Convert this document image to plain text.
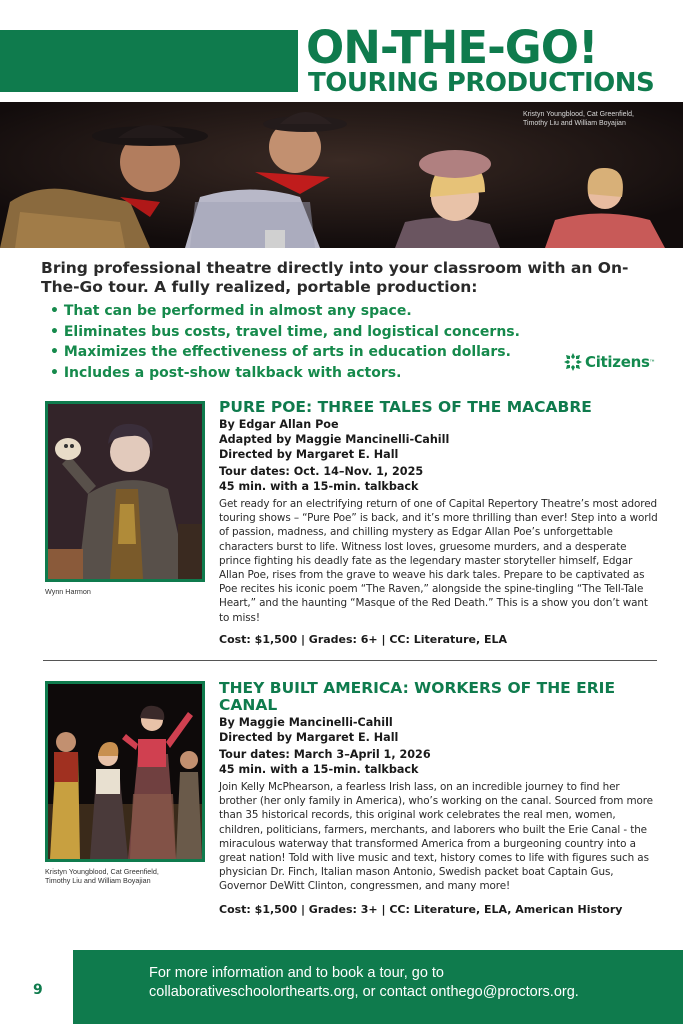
ON-THE-GO!
TOURING PRODUCTIONS
Kristyn Youngblood, Cat Greenfield,
Timothy Liu and William Boyajian
Bring professional theatre directly into your classroom with an On-The-Go tour. A fully realized, portable production:
• That can be performed in almost any space.
• Eliminates bus costs, travel time, and logistical concerns.
• Maximizes the effectiveness of arts in education dollars.
• Includes a post-show talkback with actors.
Citizens ™
Wynn Harmon
PURE POE: THREE TALES OF THE MACABRE
By Edgar Allan Poe
Adapted by Maggie Mancinelli-Cahill
Directed by Margaret E. Hall
Tour dates: Oct. 14–Nov. 1, 2025
45 min. with a 15-min. talkback
Get ready for an electrifying return of one of Capital Repertory Theatre’s most adored touring shows – “Pure Poe” is back, and it’s more thrilling than ever! Step into a world of passion, madness, and chilling mystery as Edgar Allan Poe’s unforgettable characters burst to life. Witness lost loves, gruesome murders, and a desperate prince fighting his deadly fate as the legendary master storyteller himself, Edgar Allan Poe, rises from the grave to weave his dark tales. Prepare to be captivated as Poe recites his iconic poem “The Raven,” alongside the spine-tingling “The Tell-Tale Heart,” and the haunting “Masque of the Red Death.” This is a show you don’t want to miss!
Cost: $1,500 | Grades: 6+ | CC: Literature, ELA
Kristyn Youngblood, Cat Greenfield,
Timothy Liu and William Boyajian
THEY BUILT AMERICA: WORKERS OF THE ERIE CANAL
By Maggie Mancinelli-Cahill
Directed by Margaret E. Hall
Tour dates: March 3–April 1, 2026
45 min. with a 15-min. talkback
Join Kelly McPhearson, a fearless Irish lass, on an incredible journey to find her brother (her only family in America), who’s working on the canal. Sourced from more than 35 historical records, this original work celebrates the real men, women, children, politicians, farmers, merchants, and laborers who built the Erie Canal - the miraculous waterway that transformed America from a burgeoning country into a great nation! Told with live music and text, history comes to life with figures such as physician Dr. Finch, Italian mason Antonio, Swedish packet boat Captain Gus, Governor DeWitt Clinton, congressmen, and many more!
Cost: $1,500 | Grades: 3+ | CC: Literature, ELA, American History
9
For more information and to book a tour, go to
collaborativeschoolorthearts.org, or contact onthego@proctors.org.
